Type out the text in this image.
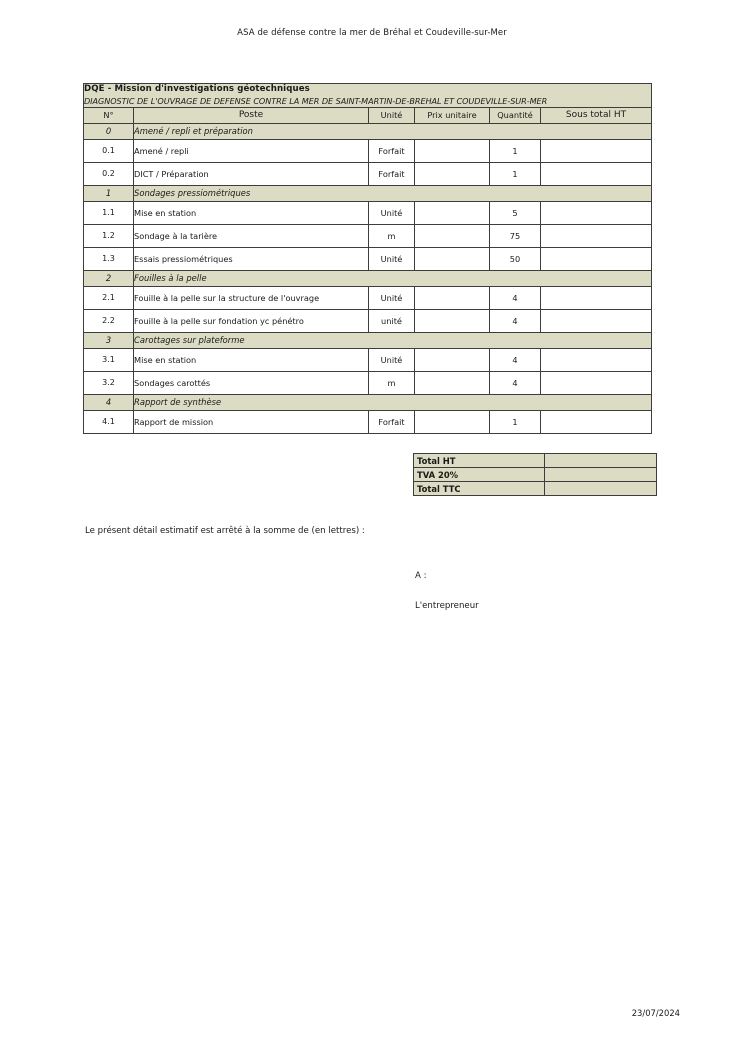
ASA de défense contre la mer de Bréhal et Coudeville-sur-Mer
DQE - Mission d'investigations géotechniques
DIAGNOSTIC DE L'OUVRAGE DE DEFENSE CONTRE LA MER DE SAINT-MARTIN-DE-BREHAL ET COUDEVILLE-SUR-MER					

N°	Poste	Unité	Prix unitaire	Quantité	Sous total HT
0	Amené / repli et préparation				
0.1	Amené / repli	Forfait		1	
0.2	DICT / Préparation	Forfait		1	
1	Sondages pressiométriques				
1.1	Mise en station	Unité		5	
1.2	Sondage à la tarière	m		75	
1.3	Essais pressiométriques	Unité		50	
2	Fouilles à la pelle				
2.1	Fouille à la pelle sur la structure de l'ouvrage	Unité		4	
2.2	Fouille à la pelle sur fondation yc pénétro	unité		4	
3	Carottages sur plateforme				
3.1	Mise en station	Unité		4	
3.2	Sondages carottés	m		4	
4	Rapport de synthèse				
4.1	Rapport de mission	Forfait		1	
Total HT	
TVA 20%	
Total TTC	
Le présent détail estimatif est arrêté à la somme de (en lettres) :
A :
L'entrepreneur
23/07/2024
